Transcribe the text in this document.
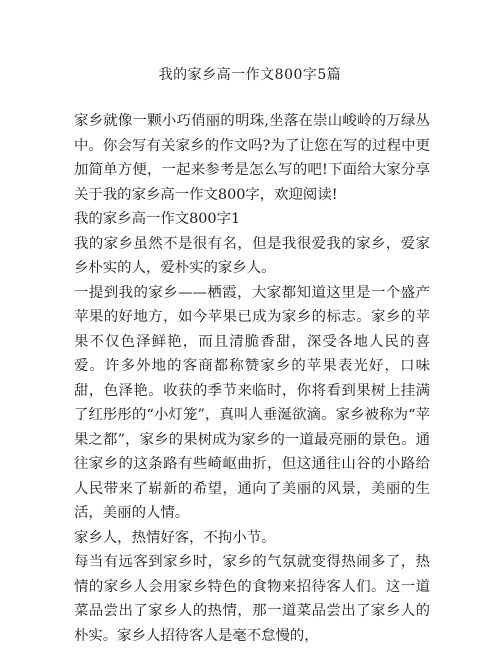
我的家乡高一作文800字5篇

家乡就像一颗小巧俏丽的明珠,坐落在崇山峻岭的万绿丛中。你会写有关家乡的作文吗?为了让您在写的过程中更加简单方便，一起来参考是怎么写的吧!下面给大家分享关于我的家乡高一作文800字，欢迎阅读!

我的家乡高一作文800字1

我的家乡虽然不是很有名，但是我很爱我的家乡，爱家乡朴实的人，爱朴实的家乡人。

一提到我的家乡——栖霞，大家都知道这里是一个盛产苹果的好地方，如今苹果已成为家乡的标志。家乡的苹果不仅色泽鲜艳，而且清脆香甜，深受各地人民的喜爱。许多外地的客商都称赞家乡的苹果表光好，口味甜，色泽艳。收获的季节来临时，你将看到果树上挂满了红彤彤的“小灯笼”，真叫人垂涎欲滴。家乡被称为“苹果之都”，家乡的果树成为家乡的一道最亮丽的景色。通往家乡的这条路有些崎岖曲折，但这通往山谷的小路给人民带来了崭新的希望，通向了美丽的风景，美丽的生活，美丽的人情。

家乡人，热情好客，不拘小节。

每当有远客到家乡时，家乡的气氛就变得热闹多了，热情的家乡人会用家乡特色的食物来招待客人们。这一道菜品尝出了家乡人的热情，那一道菜品尝出了家乡人的朴实。家乡人招待客人是毫不怠慢的，
